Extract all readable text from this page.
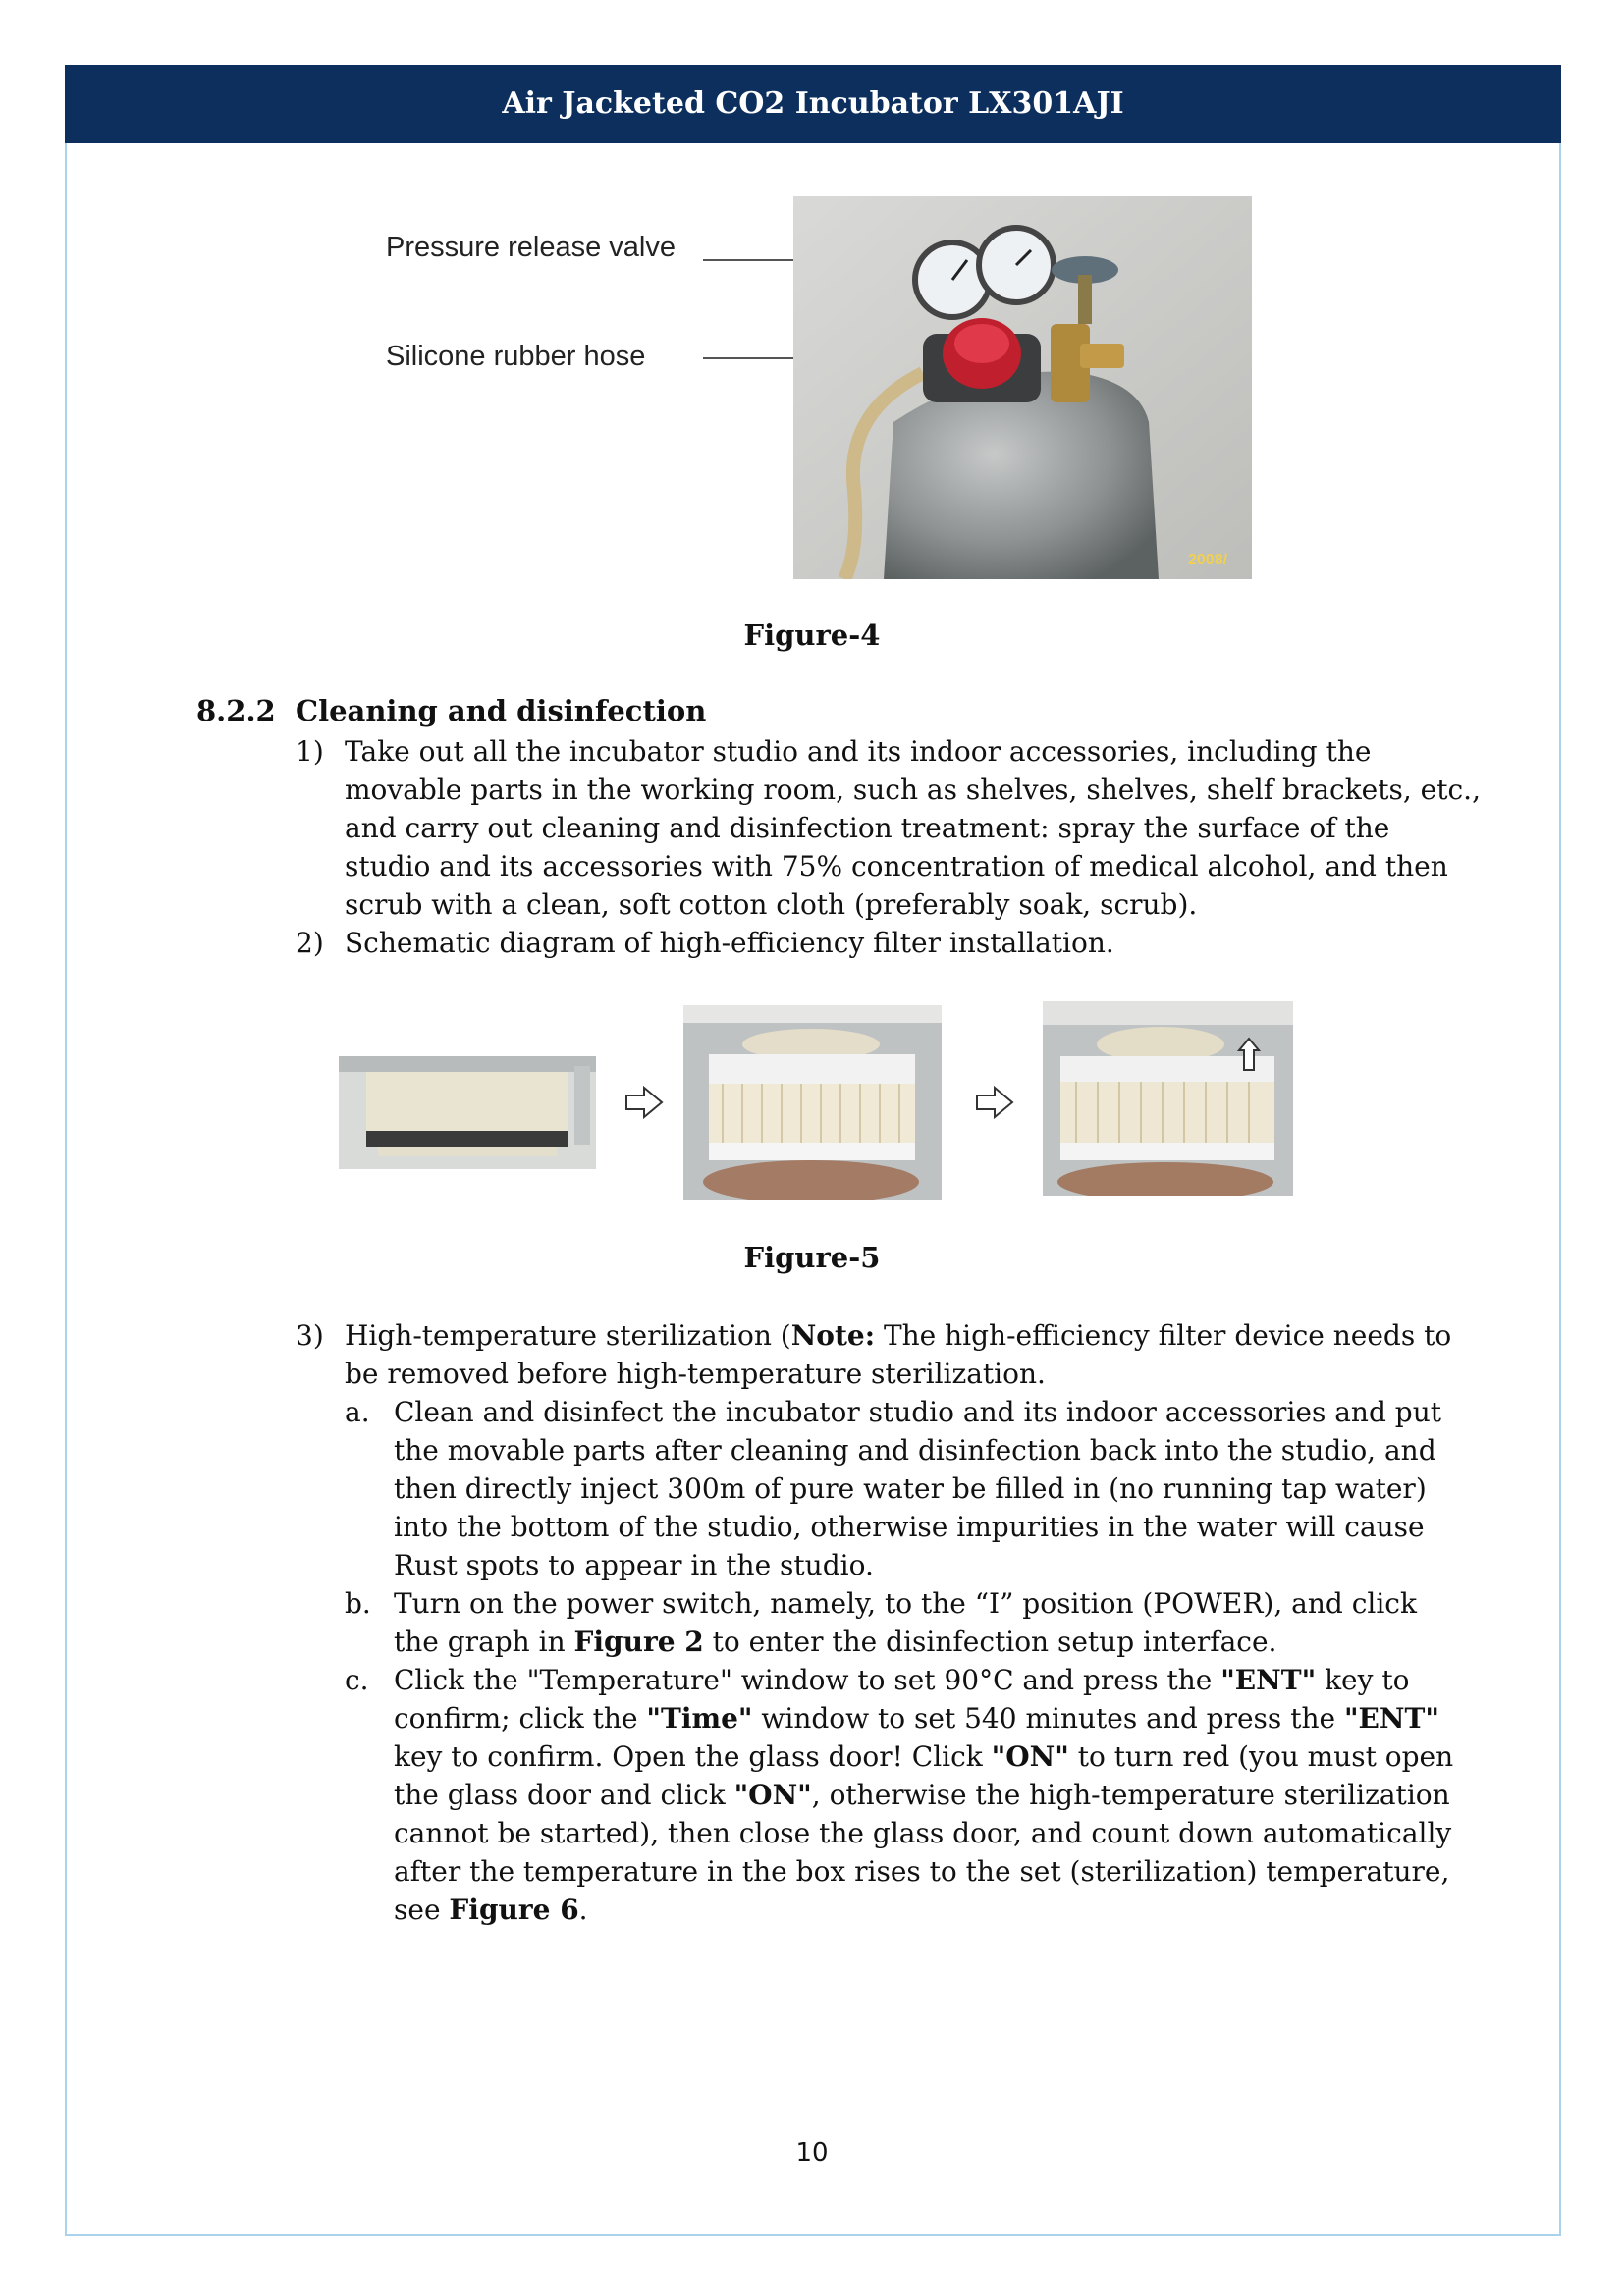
Air Jacketed CO2 Incubator LX301AJI
Pressure release valve
Silicone rubber hose
2008/
Figure-4
8.2.2 Cleaning and disinfection
1) Take out all the incubator studio and its indoor accessories, including the
movable parts in the working room, such as shelves, shelves, shelf brackets, etc.,
and carry out cleaning and disinfection treatment: spray the surface of the
studio and its accessories with 75% concentration of medical alcohol, and then
scrub with a clean, soft cotton cloth (preferably soak, scrub).
2) Schematic diagram of high-efficiency filter installation.
Figure-5
3) High-temperature sterilization (Note: The high-efficiency filter device needs to
be removed before high-temperature sterilization.
a. Clean and disinfect the incubator studio and its indoor accessories and put
the movable parts after cleaning and disinfection back into the studio, and
then directly inject 300m of pure water be filled in (no running tap water)
into the bottom of the studio, otherwise impurities in the water will cause
Rust spots to appear in the studio.
b. Turn on the power switch, namely, to the “I” position (POWER), and click
the graph in Figure 2 to enter the disinfection setup interface.
c. Click the "Temperature" window to set 90°C and press the "ENT" key to
confirm; click the "Time" window to set 540 minutes and press the "ENT"
key to confirm. Open the glass door! Click "ON" to turn red (you must open
the glass door and click "ON", otherwise the high-temperature sterilization
cannot be started), then close the glass door, and count down automatically
after the temperature in the box rises to the set (sterilization) temperature,
see Figure 6.
10
